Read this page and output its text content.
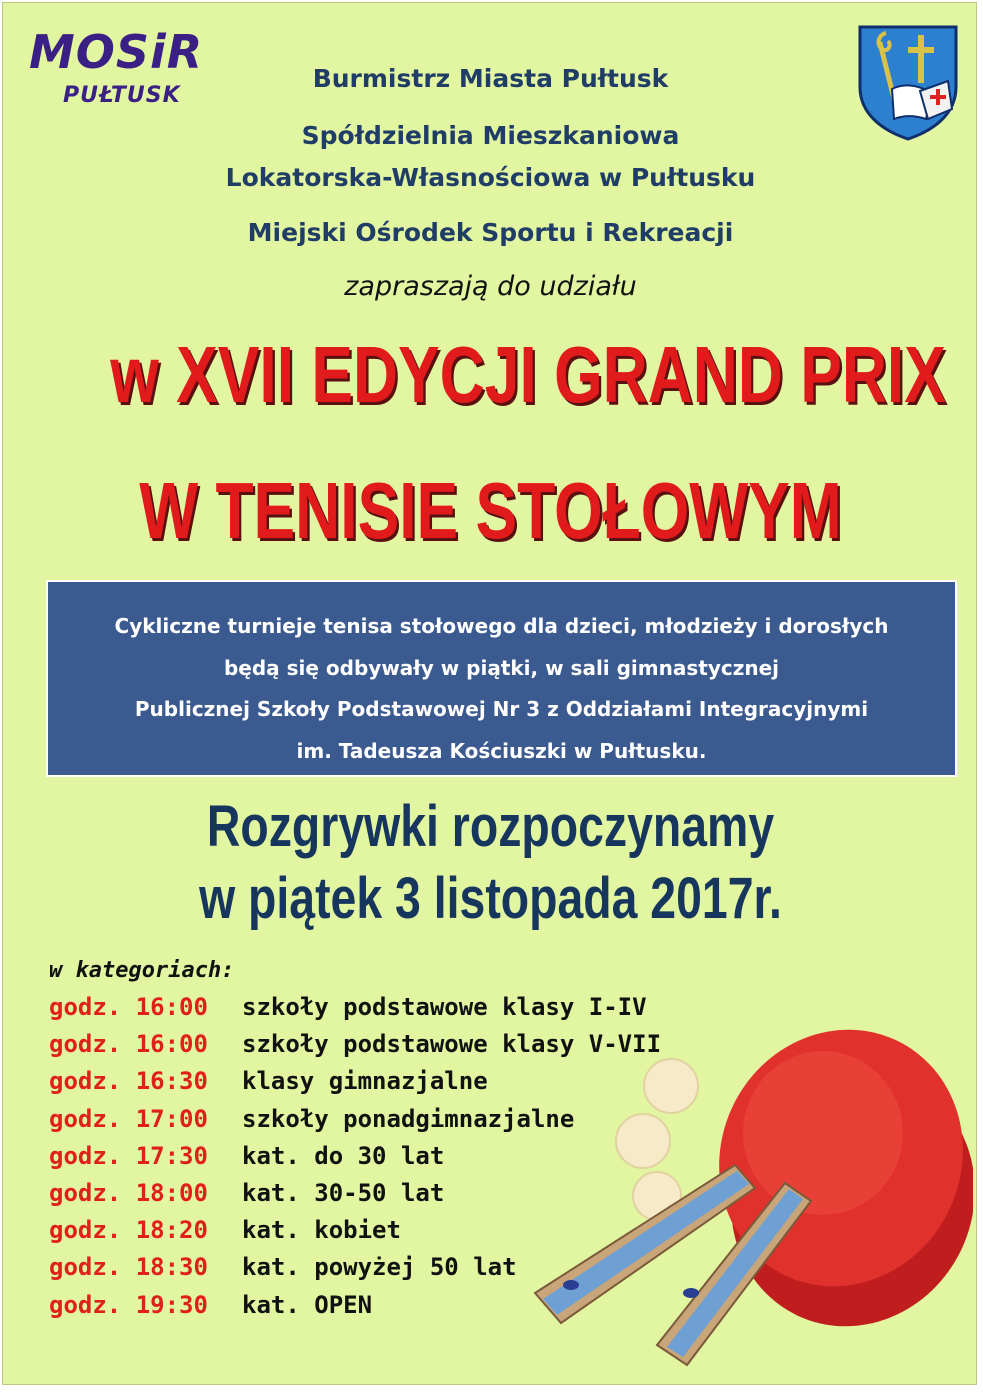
MOSiR
PUŁTUSK

Burmistrz Miasta Pułtusk

Spółdzielnia Mieszkaniowa

Lokatorska-Własnościowa w Pułtusku

Miejski Ośrodek Sportu i Rekreacji

zapraszają do udziału

w XVII EDYCJI GRAND PRIX
W TENISIE STOŁOWYM

Cykliczne turnieje tenisa stołowego dla dzieci, młodzieży i dorosłych

będą się odbywały w piątki, w sali gimnastycznej

Publicznej Szkoły Podstawowej Nr 3 z Oddziałami Integracyjnymi

im. Tadeusza Kościuszki w Pułtusku.

Rozgrywki rozpoczynamy
w piątek 3 listopada 2017r.

w kategoriach:

godz. 16:00 szkoły podstawowe klasy I-IV
godz. 16:00 szkoły podstawowe klasy V-VII
godz. 16:30 klasy gimnazjalne
godz. 17:00 szkoły ponadgimnazjalne
godz. 17:30 kat. do 30 lat
godz. 18:00 kat. 30-50 lat
godz. 18:20 kat. kobiet
godz. 18:30 kat. powyżej 50 lat
godz. 19:30 kat. OPEN
